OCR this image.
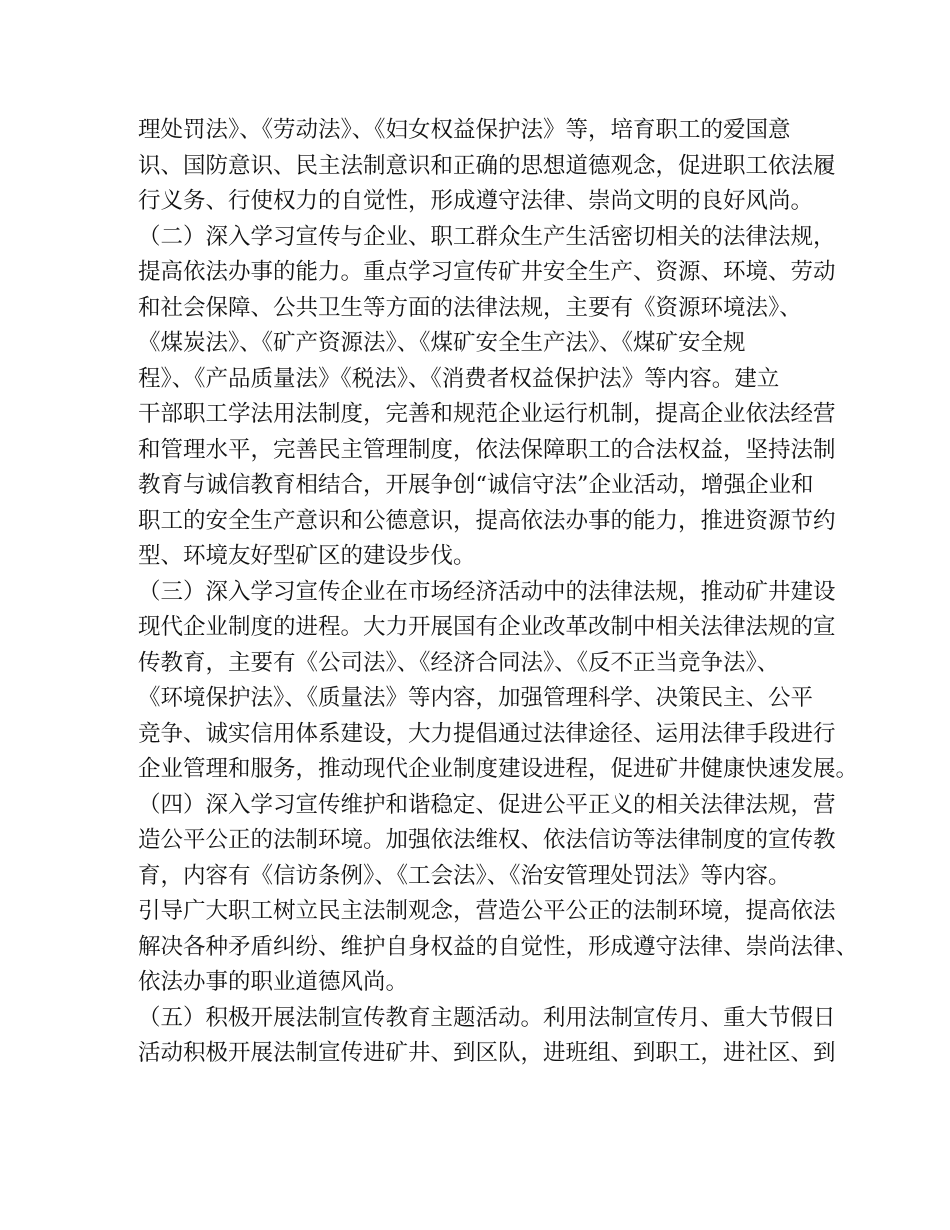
理处罚法》、《劳动法》、《妇女权益保护法》等，培育职工的爱国意
识、国防意识、民主法制意识和正确的思想道德观念，促进职工依法履
行义务、行使权力的自觉性，形成遵守法律、崇尚文明的良好风尚。
（二）深入学习宣传与企业、职工群众生产生活密切相关的法律法规，
提高依法办事的能力。重点学习宣传矿井安全生产、资源、环境、劳动
和社会保障、公共卫生等方面的法律法规，主要有《资源环境法》、
《煤炭法》、《矿产资源法》、《煤矿安全生产法》、《煤矿安全规
程》、《产品质量法》《税法》、《消费者权益保护法》等内容。建立
干部职工学法用法制度，完善和规范企业运行机制，提高企业依法经营
和管理水平，完善民主管理制度，依法保障职工的合法权益，坚持法制
教育与诚信教育相结合，开展争创“诚信守法”企业活动，增强企业和
职工的安全生产意识和公德意识，提高依法办事的能力，推进资源节约
型、环境友好型矿区的建设步伐。
（三）深入学习宣传企业在市场经济活动中的法律法规，推动矿井建设
现代企业制度的进程。大力开展国有企业改革改制中相关法律法规的宣
传教育，主要有《公司法》、《经济合同法》、《反不正当竞争法》、
《环境保护法》、《质量法》等内容，加强管理科学、决策民主、公平
竞争、诚实信用体系建设，大力提倡通过法律途径、运用法律手段进行
企业管理和服务，推动现代企业制度建设进程，促进矿井健康快速发展。
（四）深入学习宣传维护和谐稳定、促进公平正义的相关法律法规，营
造公平公正的法制环境。加强依法维权、依法信访等法律制度的宣传教
育，内容有《信访条例》、《工会法》、《治安管理处罚法》等内容。
引导广大职工树立民主法制观念，营造公平公正的法制环境，提高依法
解决各种矛盾纠纷、维护自身权益的自觉性，形成遵守法律、崇尚法律、
依法办事的职业道德风尚。
（五）积极开展法制宣传教育主题活动。利用法制宣传月、重大节假日
活动积极开展法制宣传进矿井、到区队，进班组、到职工，进社区、到
